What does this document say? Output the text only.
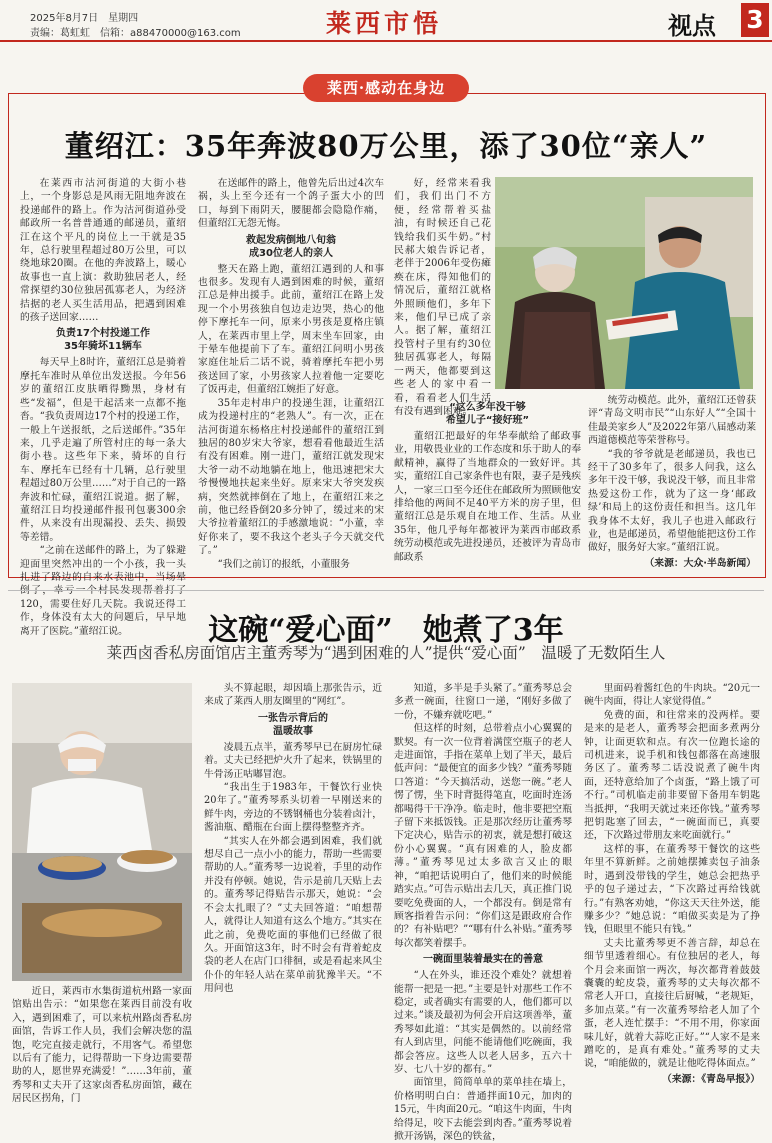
2025年8月7日　星期四
责编：葛虹虹　信箱：a88470000@163.com	莱西市悟	视点 3
莱西·感动在身边
董绍江：35年奔波80万公里，添了30位“亲人”

在莱西市沽河街道的大街小巷上，一个身影总是风雨无阻地奔波在投递邮件的路上。作为沽河街道孙受邮政所一名普普通通的邮递员，董绍江在这个平凡的岗位上一干就是35年，总行驶里程超过80万公里，可以绕地球20圈。在他的奔波路上，暖心故事也一直上演：救助独居老人，经常探望约30位独居孤寡老人，为经济拮据的老人买生活用品，把遇到困难的孩子送回家……

负责17个村投递工作
35年骑坏11辆车

每天早上8时许，董绍江总是骑着摩托车准时从单位出发送报。今年56岁的董绍江皮肤晒得黝黑，身材有些“发福”，但是干起活来一点都不拖沓。“我负责周边17个村的投递工作，一般上午送报纸，之后送邮件。”35年来，几乎走遍了所管村庄的每一条大街小巷。这些年下来，骑坏的自行车、摩托车已经有十几辆，总行驶里程超过80万公里……”对于自己的一路奔波和忙碌，董绍江说道。据了解，董绍江日均投递邮件报刊包裹300余件，从来没有出现漏投、丢失、损毁等差错。

“之前在送邮件的路上，为了躲避迎面里突然冲出的一个小孩，我一头扎进了路边的自来水表池中，当场晕 120，需要住好几天院。我说还得工作，身体没有太大的问题后，早早地离开了医院。”董绍江说。

在送邮件的路上，他曾先后出过4次车祸，头上至今还有一个鸽子蛋大小的凹口，每到下雨阴天，腰腿都会隐隐作痛，但董绍江无怨无悔。

救起发病倒地八旬翁
成30位老人的亲人

整天在路上跑，董绍江遇到的人和事也很多。发现有人遇到困难的时候，董绍江总是伸出援手。此前，董绍江在路上发现一个小男孩独自包边走边哭，热心的他停下摩托车一问，原来小男孩是夏格庄镇人，在莱西市里上学，周末坐车回家，由于晕车他提前下了车。董绍江问明小男孩家庭住址后二话不说，骑着摩托车把小男孩送回了家，小男孩家人拉着他一定要吃了饭再走，但董绍江婉拒了好意。

35年走村串户的投递生涯，让董绍江成为投递村庄的“老熟人”。有一次，正在沽河街道东杨格庄村投递邮件的董绍江到独居的80岁宋大爷家，想看看他最近生活有没有困难。刚一进门，董绍江就发现宋大爷一动不动地躺在地上，他迅速把宋大爷慢慢地扶起来坐好。原来宋大爷突发疾病，突然就摔倒在了地上，在董绍江来之前，他已经昏倒20多分钟了，缓过来的宋大爷拉着董绍江的手感激地说：“小董，幸好你来了，要不我这个老头子今天就交代了。”

“我们之前订的报纸，小董服务

好，经常来看我们，我们出门不方便，经常帮着买盐油，有时候还自己花钱给我们买牛奶。”村民郝大娘告诉记者，老伴于2006年受伤瘫痪在床，得知他们的情况后，董绍江就格外照顾他们，多年下来，他们早已成了亲人。据了解，董绍江投管村子里有约30位独居孤寡老人，每隔一两天，他都要到这些老人的家中看一看，看看老人们生活有没有遇到困难。

“这么多年没干够
希望儿子“接好班”

董绍江把最好的年华奉献给了邮政事业，用敬畏业业的工作态度和乐于助人的奉献精神，赢得了当地群众的一致好评。其实，董绍江自己家条件也有限，妻子是残疾人，一家三口至今还住在邮政所为照顾他安排给他的两间不足40平方米的房子里，但董绍江总是乐观自在地工作、生活。从业35年，他几乎每年都被评为莱西市邮政系统劳动模范或先进投递员，还被评为青岛市邮政系

统劳动模范。此外，董绍江还曾获评“青岛文明市民”“山东好人”“全国十佳最美家乡人”及2022年第八届感动莱西道德模范等荣誉称号。

“我的爷爷就是老邮递员，我也已经干了30多年了，很多人问我，这么多年干没干够，我说没干够，而且非常热爱这份工作，就为了这一身‘邮政绿’和局上的这份责任和担当。这几年我身体不太好，我儿子也进入邮政行业，也是邮递员，希望他能把这份工作做好，服务好大家。”董绍江说。

（来源：大众·半岛新闻）

这碗“爱心面”　她煮了3年
莱西卤香私房面馆店主董秀琴为“遇到困难的人”提供“爱心面”　温暖了无数陌生人

近日，莱西市水集街道杭州路一家面馆贴出告示：“如果您在莱西目前没有收入，遇到困难了，可以来杭州路卤香私房面馆，告诉工作人员，我们会解决您的温饱，吃完直接走就行，不用客气。希望您以后有了能力，记得帮助一下身边需要帮助的人，愿世界充满爱！”……3年前，董秀琴和丈夫开了这家卤香私房面馆，藏在居民区拐角，门

头不算起眼，却因墙上那张告示，近来成了莱西人朋友圈里的“网红”。

一张告示背后的
温暖故事

凌晨五点半，董秀琴早已在厨房忙碌着。丈夫已经把炉火升了起来，铁锅里的牛骨汤正咕嘟冒泡。

“我出生于1983年，干餐饮行业快20年了。”董秀琴系头切着一早刚送来的鲜牛肉，旁边的不锈钢桶也分装着卤汁，酱油瓶、醋瓶在台面上摆得整整齐齐。

“其实人在外都会遇到困难，我们就想尽自己一点小小的能力，帮助一些需要帮助的人。”董秀琴一边说着，手里的动作并没有停顿。她说，告示是前几天贴上去的。董秀琴记得贴告示那天，她说：“会不会太扎眼了？”丈夫回答道：“咱想帮人，就得让人知道有这么个地方。”其实在此之前，免费吃面的事他们已经做了很久。开面馆这3年，时不时会有背着蛇皮袋的老人在店门口徘徊，或是看起来风尘仆仆的年轻人站在菜单前犹豫半天。“不用问也

知道，多半是手头紧了。”董秀琴总会多煮一碗面，往窗口一递，“刚好多做了一份，不嫌弃就吃吧。”

但这样的时刻，总带着点小心翼翼的默契。有一次一位背着满筐空瓶子的老人走进面馆，手指在菜单上划了半天，最后低声问：“最便宜的面多少钱？”董秀琴随口答道：“今天搞活动，送您一碗。”老人愣了愣，坐下时背挺得笔直，吃面时连汤都喝得干干净净。临走时，他非要把空瓶子留下来抵饭钱。正是那次经历让董秀琴下定决心，贴告示的初衷，就是想打破这份小心翼翼。“真有困难的人，脸皮都薄。”董秀琴见过太多欲言又止的眼神，“咱把话说明白了，他们来的时候能踏实点。”可告示贴出去几天，真正推门说要吃免费面的人，一个都没有。倒是常有顾客指着告示问：“你们这是跟政府合作的？有补贴吧？”“哪有什么补贴。”董秀琴每次都笑着摆手。

一碗面里装着最实在的善意

“人在外头，谁还没个难处？就想着能帮一把是一把。”主要是针对那些工作不稳定，或者确实有需要的人，他们都可以过来。”谈及最初为何会开启这项善举，董秀琴如此道：“其实是偶然的。以前经常有人到店里，问能不能请他们吃碗面，我都会答应。这些人以老人居多，五六十岁、七八十岁的都有。”

面馆里，简简单单的菜单挂在墙上，价格明明白白：普通拌面10元，加肉的15元，牛肉面20元。“咱这牛肉面，牛肉给得足，咬下去能尝到肉香。”董秀琴说着掀开汤锅，深色的铁盆，

里面码着酱红色的牛肉块。“20元一碗牛肉面，得让人家觉得值。”

免费的面，和往常来的没两样。要是来的是老人，董秀琴会把面多煮两分钟，让面更软和点。有次一位跑长途的司机进来，说手机和钱包都落在高速服务区了。董秀琴二话没说煮了碗牛肉面，还特意给加了个卤蛋，“路上饿了可不行。”司机临走前非要留下备用车钥匙当抵押，“我明天就过来还你钱。”董秀琴把钥匙塞了回去，“一碗面而已，真要还，下次路过带朋友来吃面就行。”

这样的事，在董秀琴干餐饮的这些年里不算新鲜。之前她摆摊卖包子油条时，遇到没带钱的学生，她总会把热乎乎的包子递过去，“下次路过再给钱就行。”有熟客劝她，“你这天天往外送，能赚多少？”她总说：“咱做买卖是为了挣钱，但眼里不能只有钱。”

丈夫比董秀琴更不善言辞，却总在细节里透着细心。有位独居的老人，每个月会来面馆一两次，每次都背着鼓鼓囊囊的蛇皮袋，董秀琴的丈夫每次都不常老人开口，直接往后厨喊，“老规矩，多加点菜。”有一次董秀琴给老人加了个蛋，老人连忙摆手：“不用不用，你家面味儿好，就着大蒜吃正好。”“人家不是来蹭吃的，是真有难处。”董秀琴的丈夫说，“咱能做的，就是让他吃得体面点。”

（来源：《青岛早报》）
